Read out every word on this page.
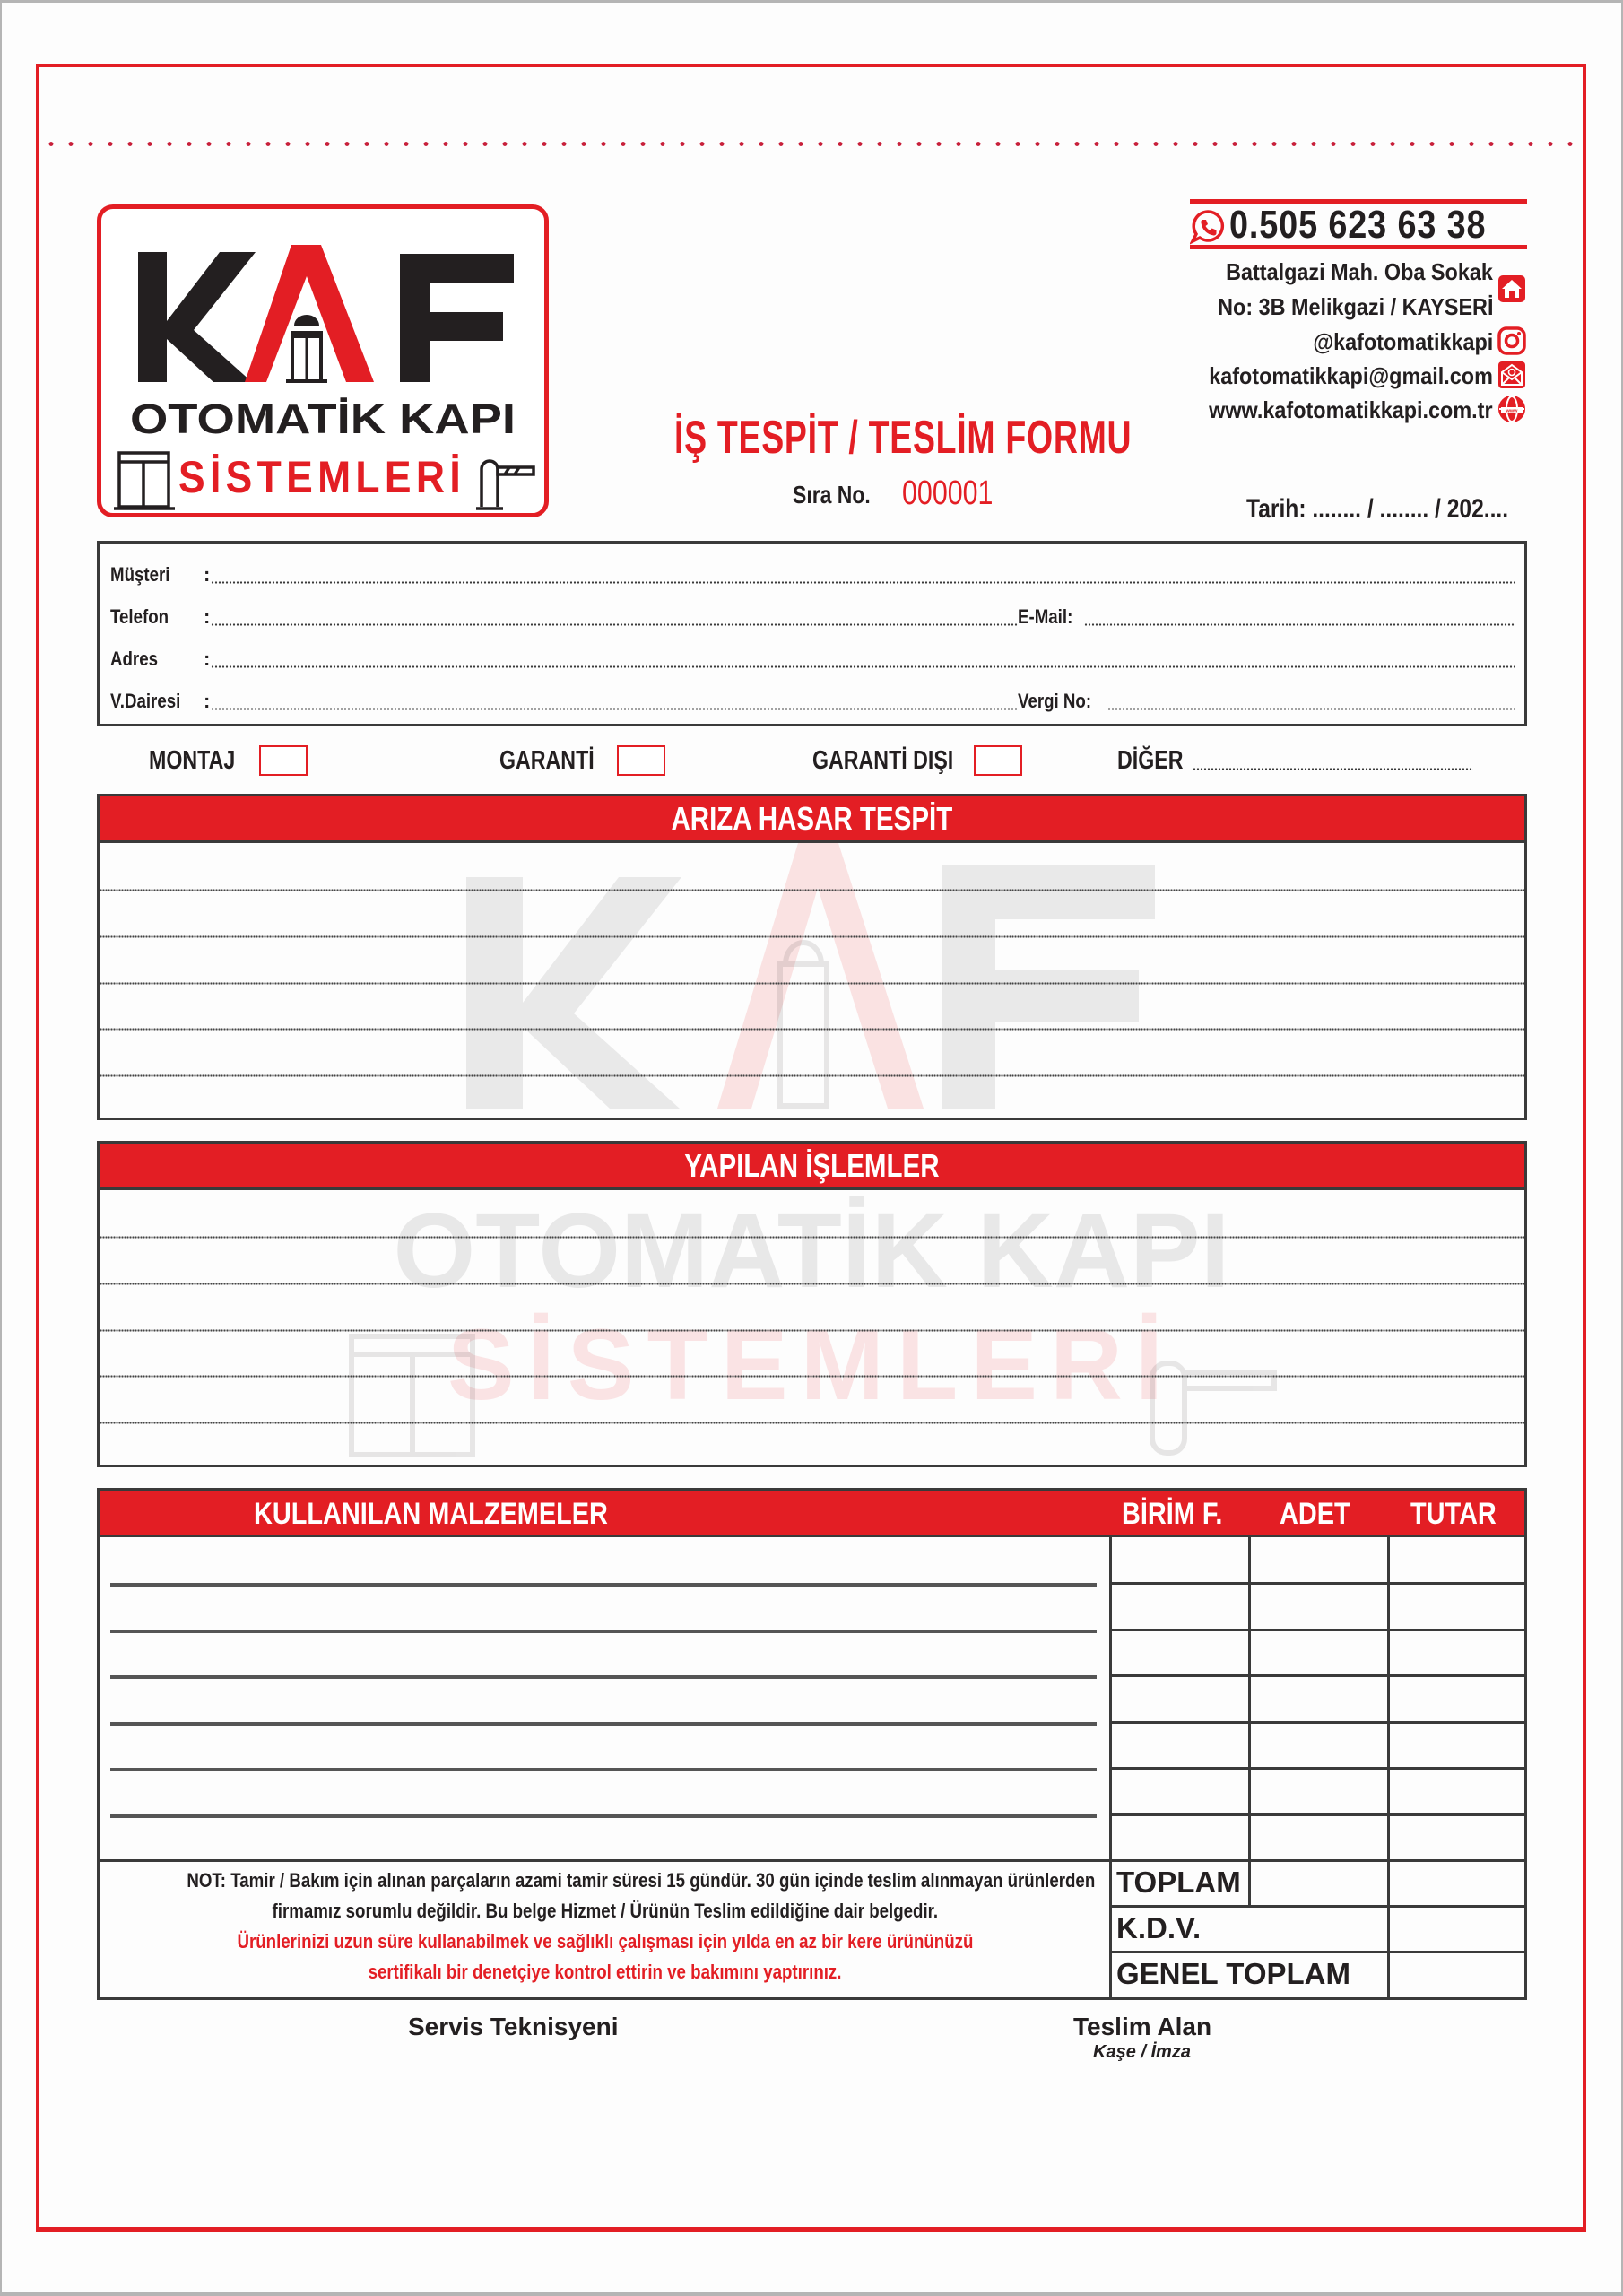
OTOMATİK KAPI
SİSTEMLERİ
OTOMATİK KAPI
SİSTEMLERİ
0.505 623 63 38
Battalgazi Mah. Oba Sokak
No: 3B Melikgazi / KAYSERİ
@kafotomatikkapi
kafotomatikkapi@gmail.com
www.kafotomatikkapi.com.tr	www
İŞ TESPİT / TESLİM FORMU
Sıra No. 000001	Tarih: ........ / ........ / 202....
Müşteri :
Telefon :	E-Mail:
Adres :
V.Dairesi :	Vergi No:
MONTAJ	GARANTİ	GARANTİ DIŞI	DİĞER
ARIZA HASAR TESPİT
YAPILAN İŞLEMLER
KULLANILAN MALZEMELER	BİRİM F. ADET TUTAR
TOPLAM
K.D.V.
GENEL TOPLAM
NOT: Tamir / Bakım için alınan parçaların azami tamir süresi 15 gündür. 30 gün içinde teslim alınmayan ürünlerden
firmamız sorumlu değildir. Bu belge Hizmet / Ürünün Teslim edildiğine dair belgedir.
Ürünlerinizi uzun süre kullanabilmek ve sağlıklı çalışması için yılda en az bir kere ürününüzü
sertifikalı bir denetçiye kontrol ettirin ve bakımını yaptırınız.
Servis Teknisyeni	Teslim Alan
Kaşe / İmza
